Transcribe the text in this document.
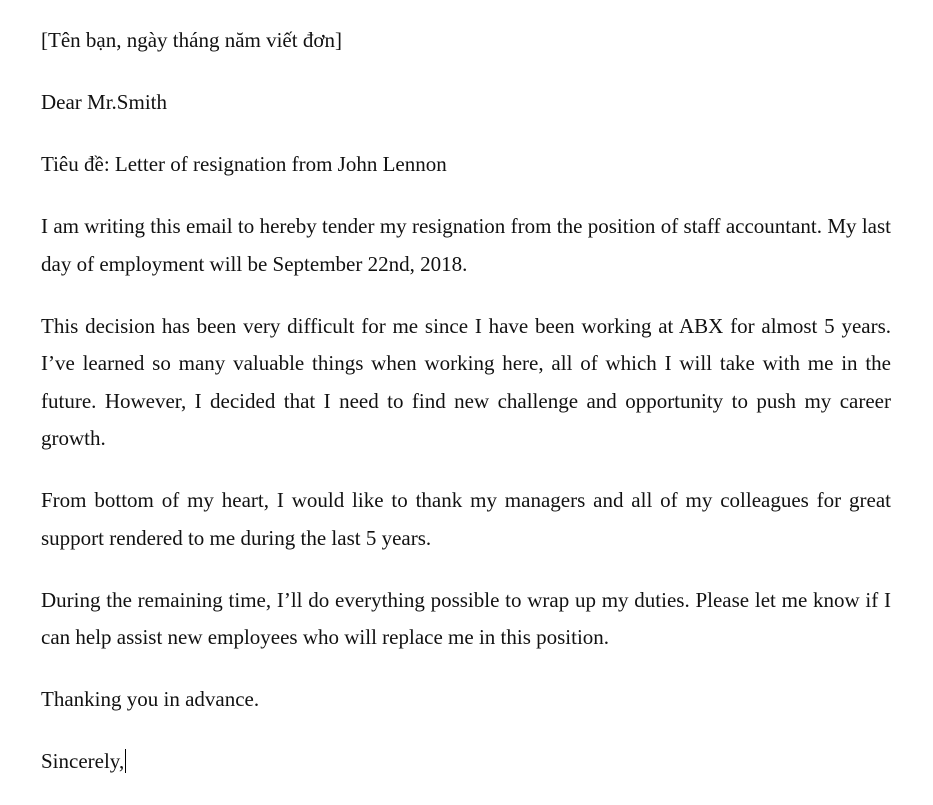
[Tên bạn, ngày tháng năm viết đơn]

Dear Mr.Smith

Tiêu đề: Letter of resignation from John Lennon

I am writing this email to hereby tender my resignation from the position of staff accountant. My last day of employment will be September 22nd, 2018.

This decision has been very difficult for me since I have been working at ABX for almost 5 years. I’ve learned so many valuable things when working here, all of which I will take with me in the future. However, I decided that I need to find new challenge and opportunity to push my career growth.

From bottom of my heart, I would like to thank my managers and all of my colleagues for great support rendered to me during the last 5 years.

During the remaining time, I’ll do everything possible to wrap up my duties. Please let me know if I can help assist new employees who will replace me in this position.

Thanking you in advance.

Sincerely,
